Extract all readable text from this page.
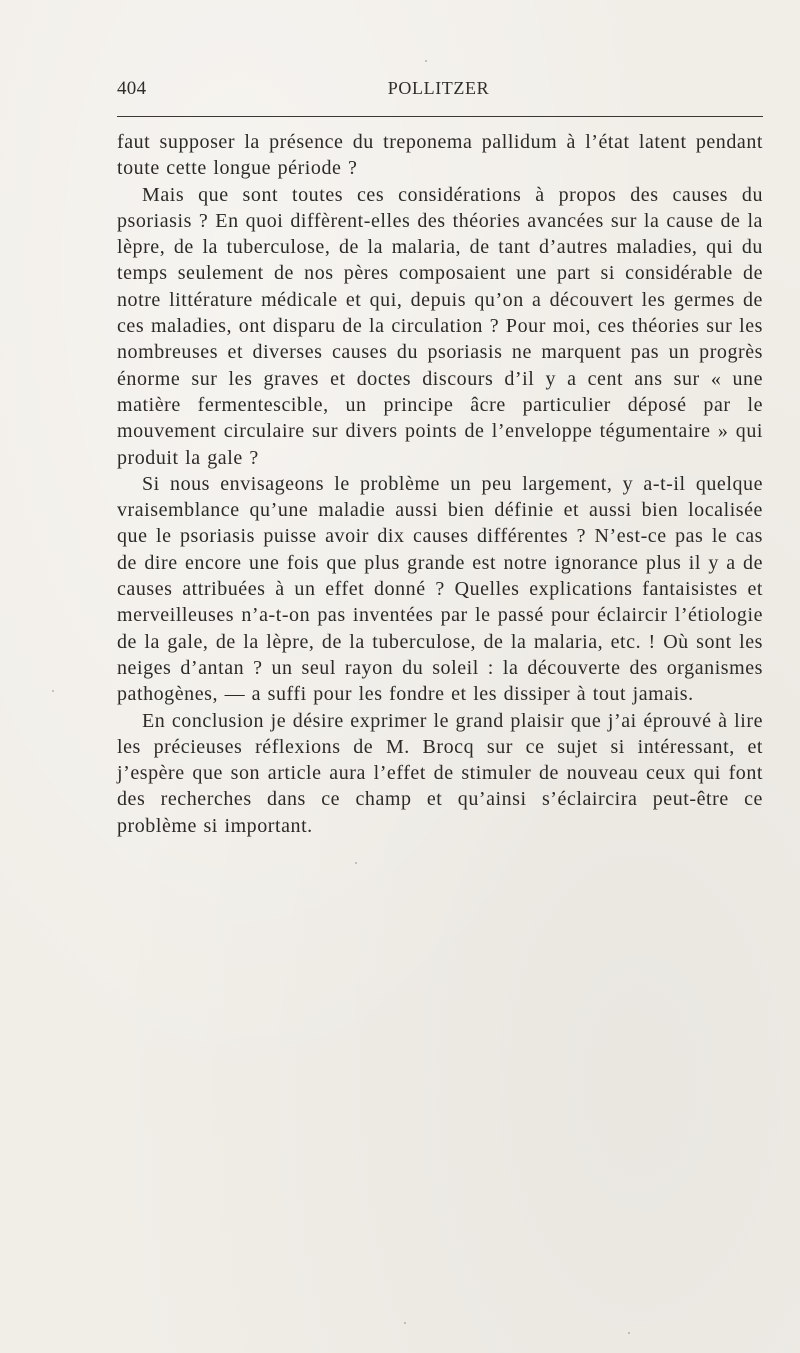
404	POLLITZER

faut supposer la présence du treponema pallidum à l’état latent pendant toute cette longue période ?

Mais que sont toutes ces considérations à propos des causes du psoriasis ? En quoi diffèrent-elles des théories avancées sur la cause de la lèpre, de la tuberculose, de la malaria, de tant d’autres maladies, qui du temps seulement de nos pères composaient une part si considérable de notre littérature médicale et qui, depuis qu’on a découvert les germes de ces maladies, ont disparu de la circulation ? Pour moi, ces théories sur les nombreuses et diverses causes du psoriasis ne marquent pas un progrès énorme sur les graves et doctes discours d’il y a cent ans sur « une matière fermentescible, un principe âcre particulier déposé par le mouvement circulaire sur divers points de l’enveloppe tégumentaire » qui produit la gale ?

Si nous envisageons le problème un peu largement, y a-t-il quelque vraisemblance qu’une maladie aussi bien définie et aussi bien localisée que le psoriasis puisse avoir dix causes différentes ? N’est-ce pas le cas de dire encore une fois que plus grande est notre ignorance plus il y a de causes attribuées à un effet donné ? Quelles explications fantaisistes et merveilleuses n’a-t-on pas inventées par le passé pour éclaircir l’étiologie de la gale, de la lèpre, de la tuberculose, de la malaria, etc. ! Où sont les neiges d’antan ? un seul rayon du soleil : la découverte des organismes pathogènes, — a suffi pour les fondre et les dissiper à tout jamais.

En conclusion je désire exprimer le grand plaisir que j’ai éprouvé à lire les précieuses réflexions de M. Brocq sur ce sujet si intéressant, et j’espère que son article aura l’effet de stimuler de nouveau ceux qui font des recherches dans ce champ et qu’ainsi s’éclaircira peut-être ce problème si important.
